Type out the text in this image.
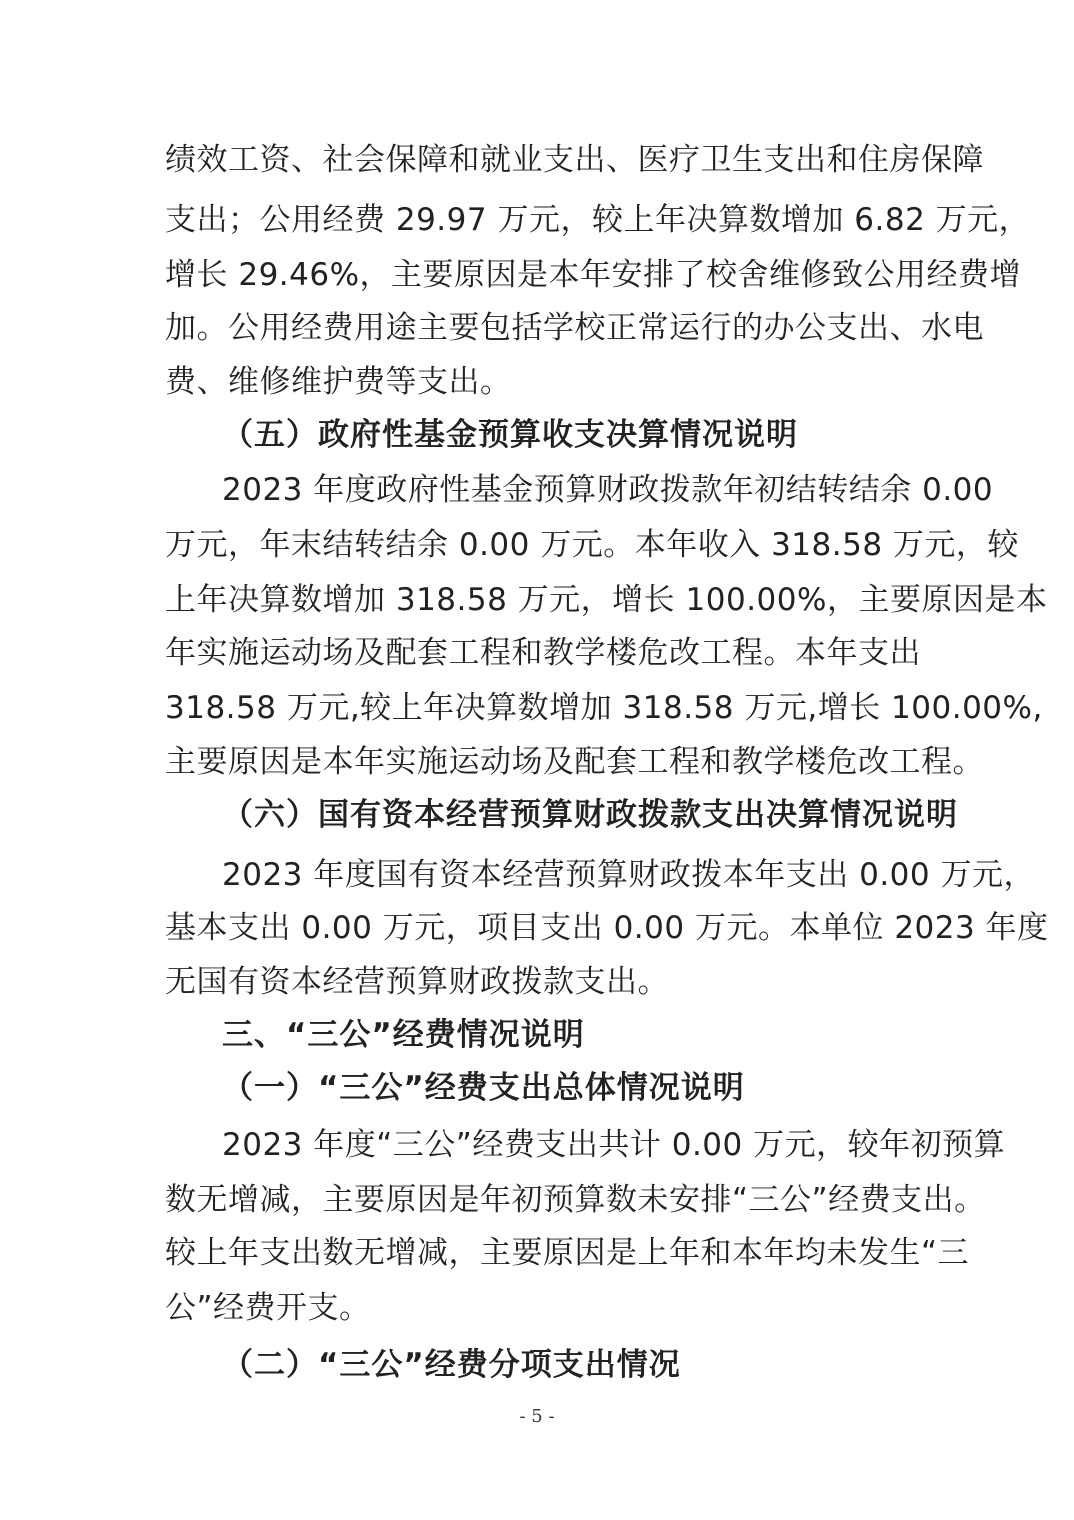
绩效工资、社会保障和就业支出、医疗卫生支出和住房保障
支出；公用经费 29.97 万元，较上年决算数增加 6.82 万元，
增长 29.46%，主要原因是本年安排了校舍维修致公用经费增
加。公用经费用途主要包括学校正常运行的办公支出、水电
费、维修维护费等支出。
（五）政府性基金预算收支决算情况说明
2023 年度政府性基金预算财政拨款年初结转结余 0.00
万元，年末结转结余 0.00 万元。本年收入 318.58 万元，较
上年决算数增加 318.58 万元，增长 100.00%，主要原因是本
年实施运动场及配套工程和教学楼危改工程。本年支出
318.58 万元,较上年决算数增加 318.58 万元,增长 100.00%,
主要原因是本年实施运动场及配套工程和教学楼危改工程。
（六）国有资本经营预算财政拨款支出决算情况说明
2023 年度国有资本经营预算财政拨本年支出 0.00 万元，
基本支出 0.00 万元，项目支出 0.00 万元。本单位 2023 年度
无国有资本经营预算财政拨款支出。
三、“三公”经费情况说明
（一）“三公”经费支出总体情况说明
2023 年度“三公”经费支出共计 0.00 万元，较年初预算
数无增减，主要原因是年初预算数未安排“三公”经费支出。
较上年支出数无增减，主要原因是上年和本年均未发生“三
公”经费开支。
（二）“三公”经费分项支出情况
- 5 -
